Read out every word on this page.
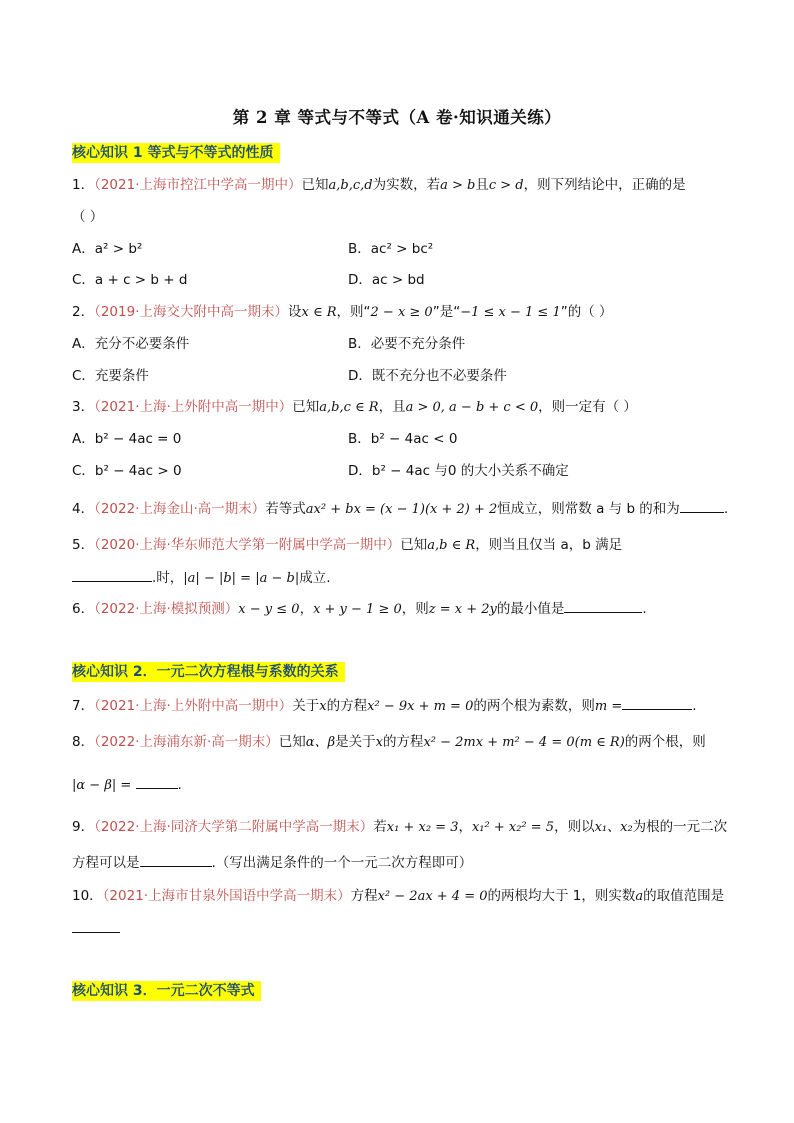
第 2 章 等式与不等式（A 卷·知识通关练）
核心知识 1 等式与不等式的性质
1．（2021·上海市控江中学高一期中）已知a,b,c,d为实数，若a > b且c > d，则下列结论中，正确的是
（ ）
A．a² > b²	B．ac² > bc²
C．a + c > b + d	D．ac > bd
2．（2019·上海交大附中高一期末）设x ∈ R，则“2 − x ≥ 0”是“−1 ≤ x − 1 ≤ 1”的（ ）
A．充分不必要条件	B．必要不充分条件
C．充要条件	D．既不充分也不必要条件
3．（2021·上海·上外附中高一期中）已知a,b,c ∈ R，且a > 0, a − b + c < 0，则一定有（ ）
A．b² − 4ac = 0	B．b² − 4ac < 0
C．b² − 4ac > 0	D．b² − 4ac 与0 的大小关系不确定
4．（2022·上海金山·高一期末）若等式ax² + bx = (x − 1)(x + 2) + 2恒成立，则常数 a 与 b 的和为	.
5．（2020·上海·华东师范大学第一附属中学高一期中）已知a,b ∈ R，则当且仅当 a，b 满足
.时，|a| − |b| = |a − b|成立.
6．（2022·上海·模拟预测）x − y ≤ 0，x + y − 1 ≥ 0，则z = x + 2y的最小值是	.
核心知识 2．一元二次方程根与系数的关系
7．（2021·上海·上外附中高一期中）关于x的方程x² − 9x + m = 0的两个根为素数，则m =	.
8．（2022·上海浦东新·高一期末）已知α、β是关于x的方程x² − 2mx + m² − 4 = 0(m ∈ R)的两个根，则
|α − β| =	.
9．（2022·上海·同济大学第二附属中学高一期末）若x₁ + x₂ = 3，x₁² + x₂² = 5，则以x₁、x₂为根的一元二次
方程可以是	.（写出满足条件的一个一元二次方程即可）
10．（2021·上海市甘泉外国语中学高一期末）方程x² − 2ax + 4 = 0的两根均大于 1，则实数a的取值范围是
核心知识 3．一元二次不等式
